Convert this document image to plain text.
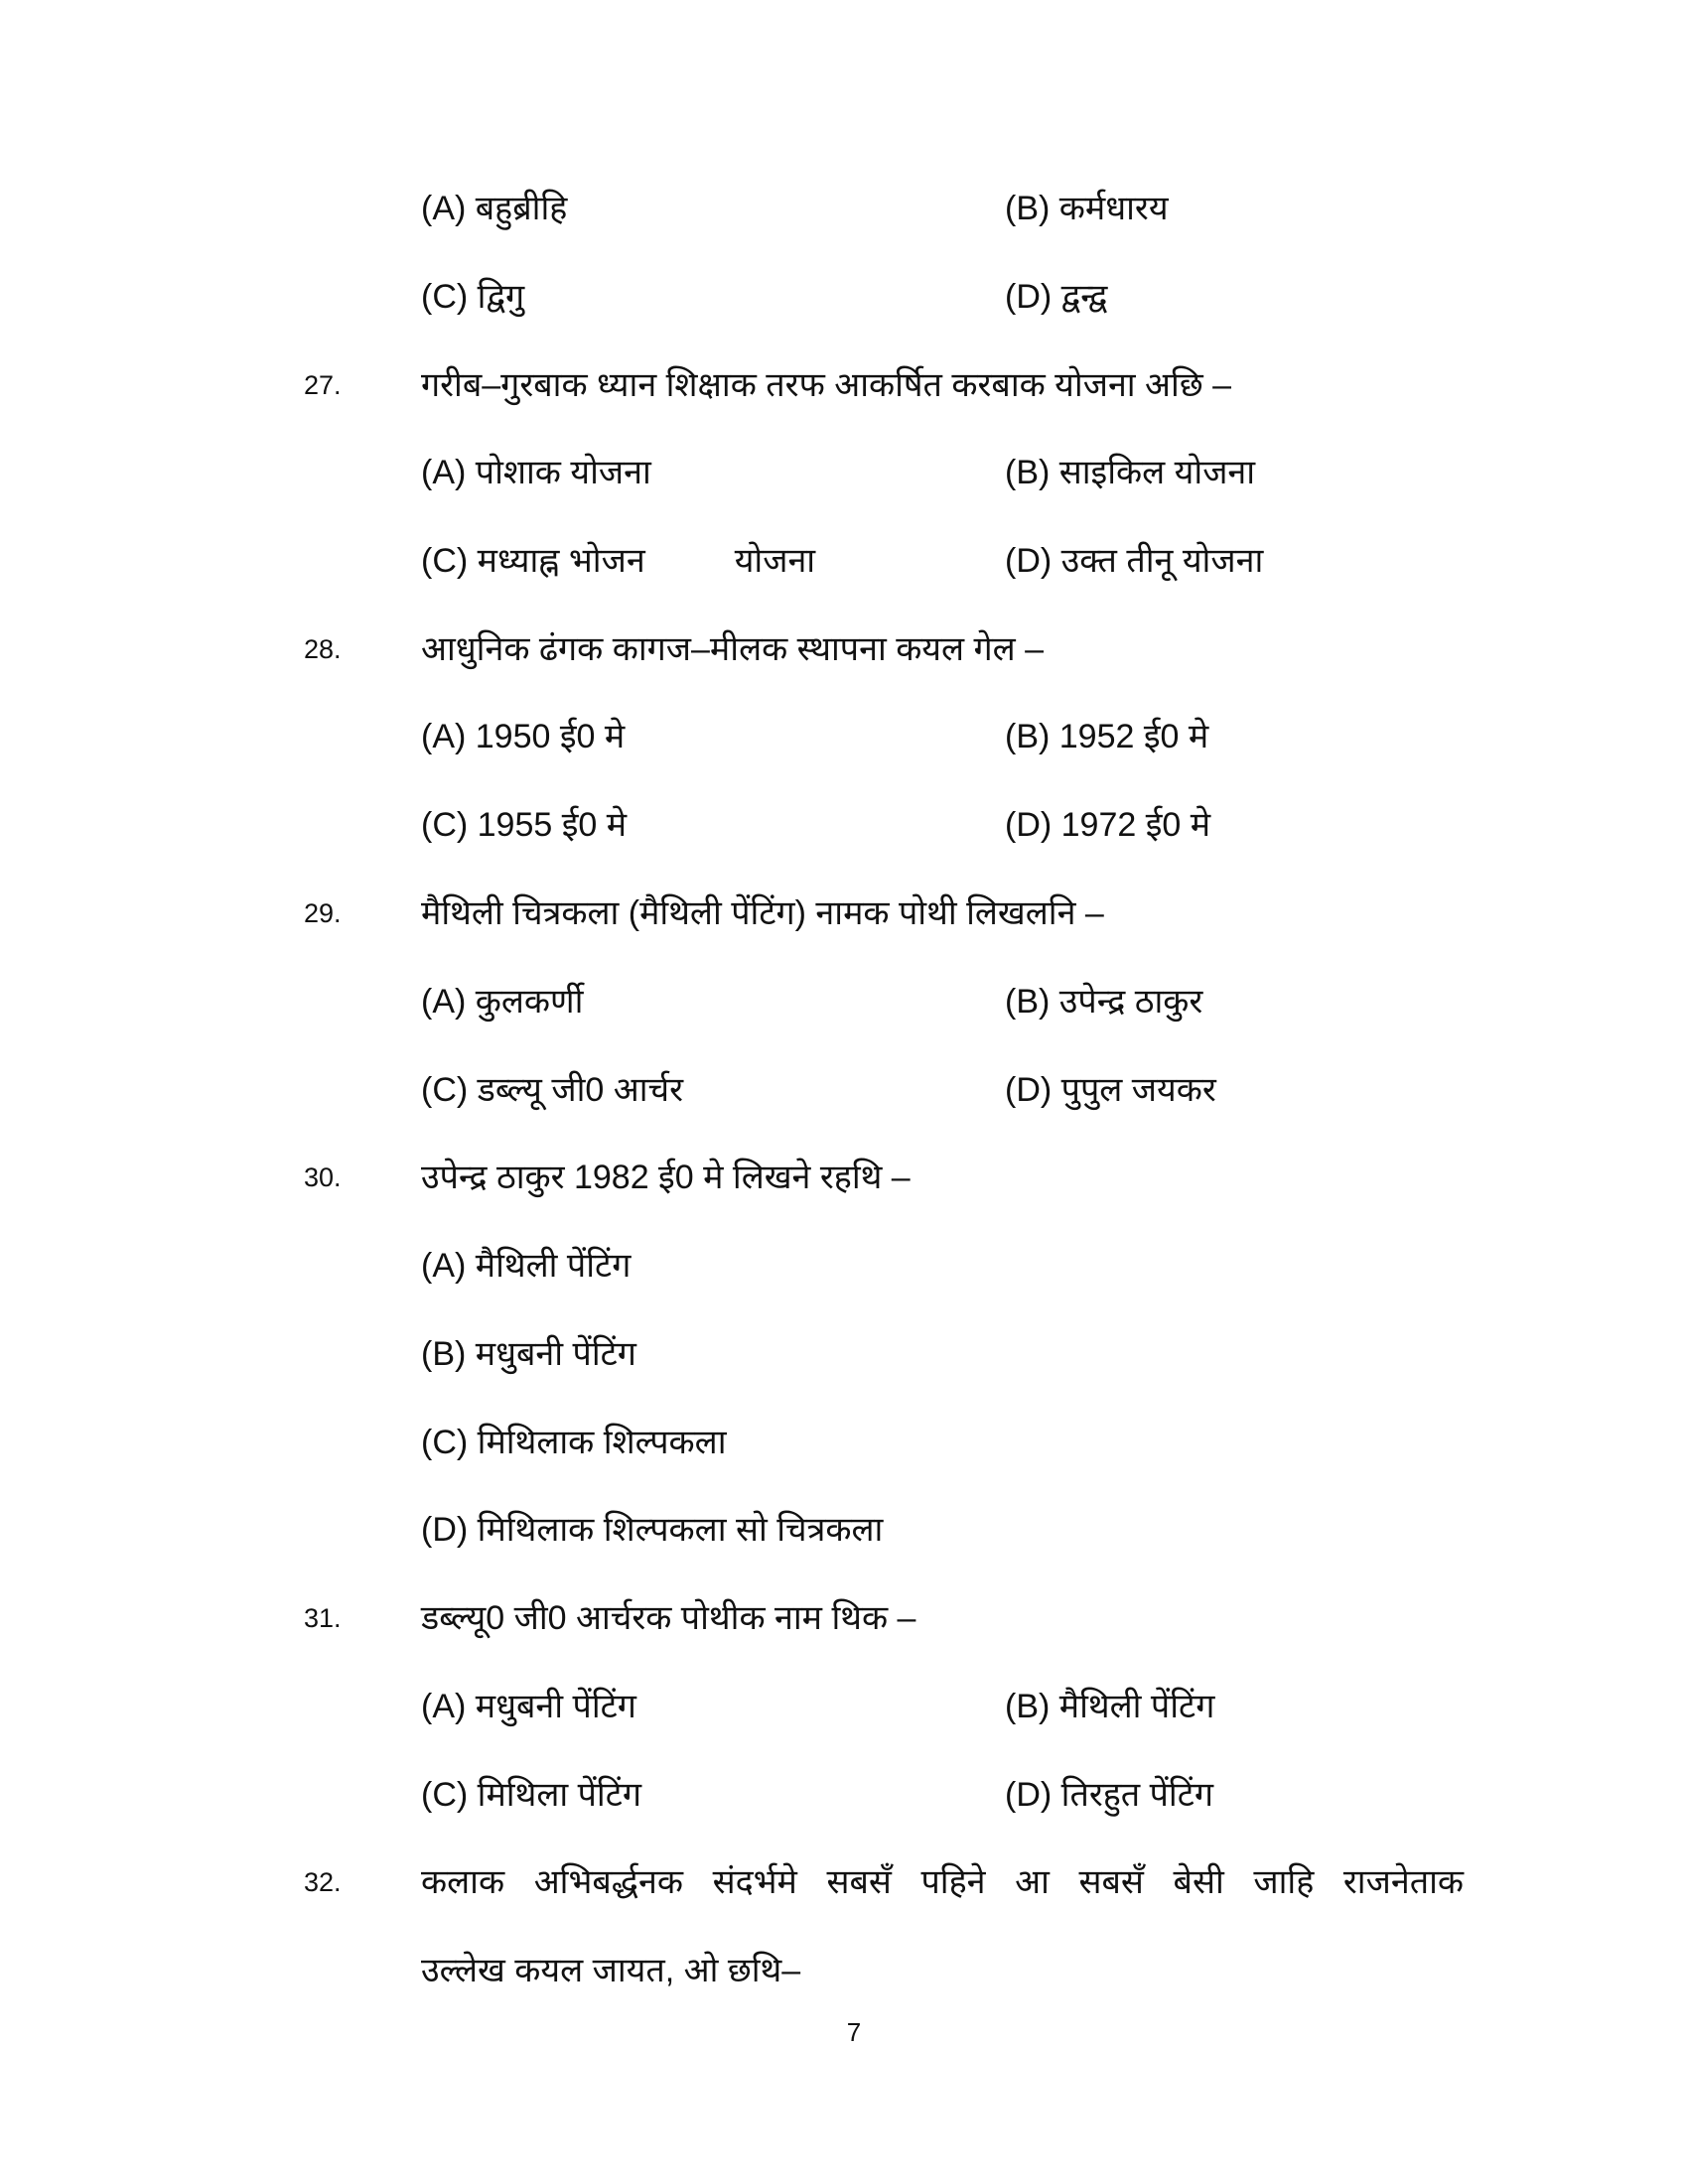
(A) बहुब्रीहि	(B) कर्मधारय
(C) द्विगु	(D) द्वन्द्व
27. गरीब–गुरबाक ध्यान शिक्षाक तरफ आकर्षित करबाक योजना अछि –
(A) पोशाक योजना	(B) साइकिल योजना
(C) मध्याह्न भोजन	योजना	(D) उक्त तीनू योजना
28. आधुनिक ढंगक कागज–मीलक स्थापना कयल गेल –
(A) 1950 ई0 मे	(B) 1952 ई0 मे
(C) 1955 ई0 मे	(D) 1972 ई0 मे
29. मैथिली चित्रकला (मैथिली पेंटिंग) नामक पोथी लिखलनि –
(A) कुलकर्णी	(B) उपेन्द्र ठाकुर
(C) डब्ल्यू जी0 आर्चर	(D) पुपुल जयकर
30. उपेन्द्र ठाकुर 1982 ई0 मे लिखने रहथि –
(A) मैथिली पेंटिंग
(B) मधुबनी पेंटिंग
(C) मिथिलाक शिल्पकला
(D) मिथिलाक शिल्पकला सो चित्रकला
31. डब्ल्यू0 जी0 आर्चरक पोथीक नाम थिक –
(A) मधुबनी पेंटिंग	(B) मैथिली पेंटिंग
(C) मिथिला पेंटिंग	(D) तिरहुत पेंटिंग
32. कलाक अभिबर्द्धनक संदर्भमे सबसँ पहिने आ सबसँ बेसी जाहि राजनेताक
उल्लेख कयल जायत, ओ छथि–
7
